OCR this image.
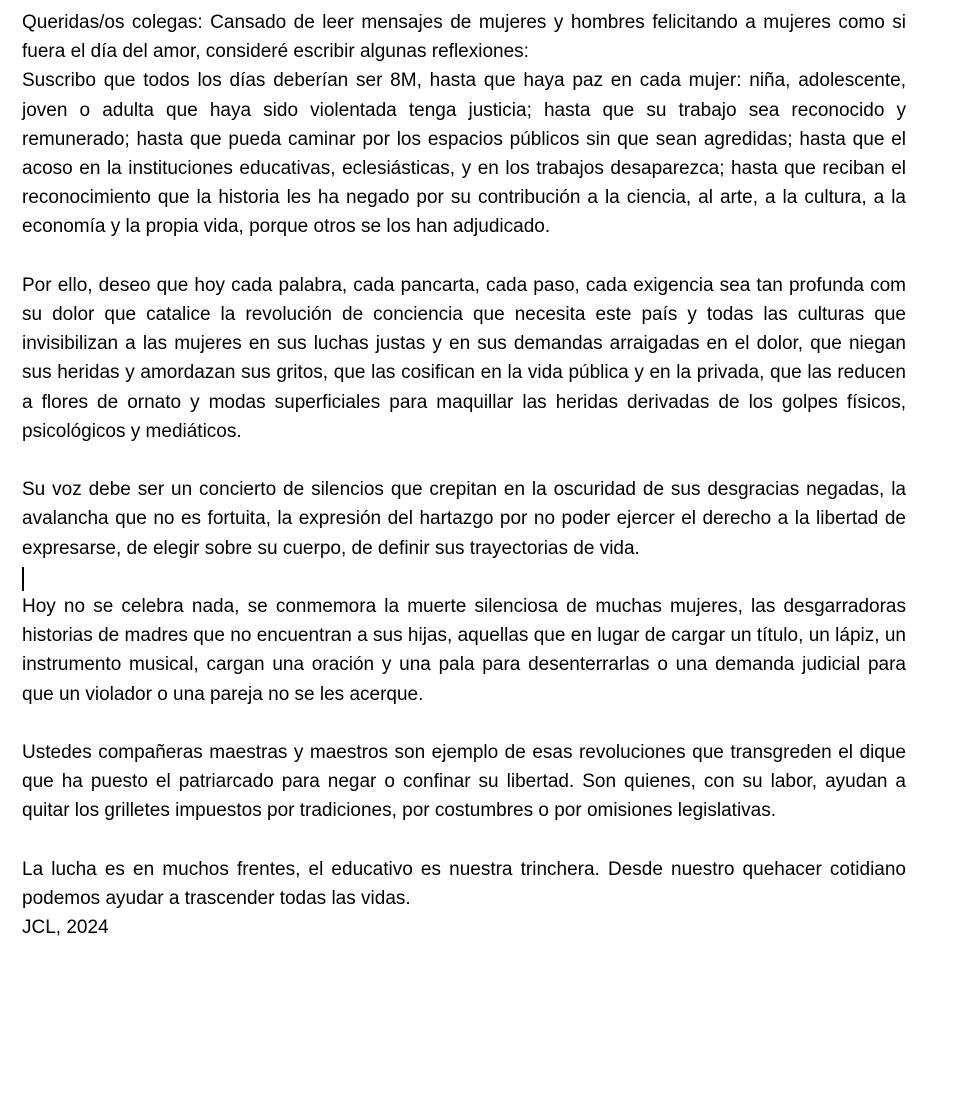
Queridas/os colegas: Cansado de leer mensajes de mujeres y hombres felicitando a mujeres como si fuera el día del amor, consideré escribir algunas reflexiones:

Suscribo que todos los días deberían ser 8M, hasta que haya paz en cada mujer: niña, adolescente, joven o adulta que haya sido violentada tenga justicia; hasta que su trabajo sea reconocido y remunerado; hasta que pueda caminar por los espacios públicos sin que sean agredidas; hasta que el acoso en la instituciones educativas, eclesiásticas, y en los trabajos desaparezca; hasta que reciban el reconocimiento que la historia les ha negado por su contribución a la ciencia, al arte, a la cultura, a la economía y la propia vida, porque otros se los han adjudicado.

Por ello, deseo que hoy cada palabra, cada pancarta, cada paso, cada exigencia sea tan profunda com su dolor que catalice la revolución de conciencia que necesita este país y todas las culturas que invisibilizan a las mujeres en sus luchas justas y en sus demandas arraigadas en el dolor, que niegan sus heridas y amordazan sus gritos, que las cosifican en la vida pública y en la privada, que las reducen a flores de ornato y modas superficiales para maquillar las heridas derivadas de los golpes físicos, psicológicos y mediáticos.

Su voz debe ser un concierto de silencios que crepitan en la oscuridad de sus desgracias negadas, la avalancha que no es fortuita, la expresión del hartazgo por no poder ejercer el derecho a la libertad de expresarse, de elegir sobre su cuerpo, de definir sus trayectorias de vida.

Hoy no se celebra nada, se conmemora la muerte silenciosa de muchas mujeres, las desgarradoras historias de madres que no encuentran a sus hijas, aquellas que en lugar de cargar un título, un lápiz, un instrumento musical, cargan una oración y una pala para desenterrarlas o una demanda judicial para que un violador o una pareja no se les acerque.

Ustedes compañeras maestras y maestros son ejemplo de esas revoluciones que transgreden el dique que ha puesto el patriarcado para negar o confinar su libertad. Son quienes, con su labor, ayudan a quitar los grilletes impuestos por tradiciones, por costumbres o por omisiones legislativas.

La lucha es en muchos frentes, el educativo es nuestra trinchera. Desde nuestro quehacer cotidiano podemos ayudar a trascender todas las vidas.

JCL, 2024
